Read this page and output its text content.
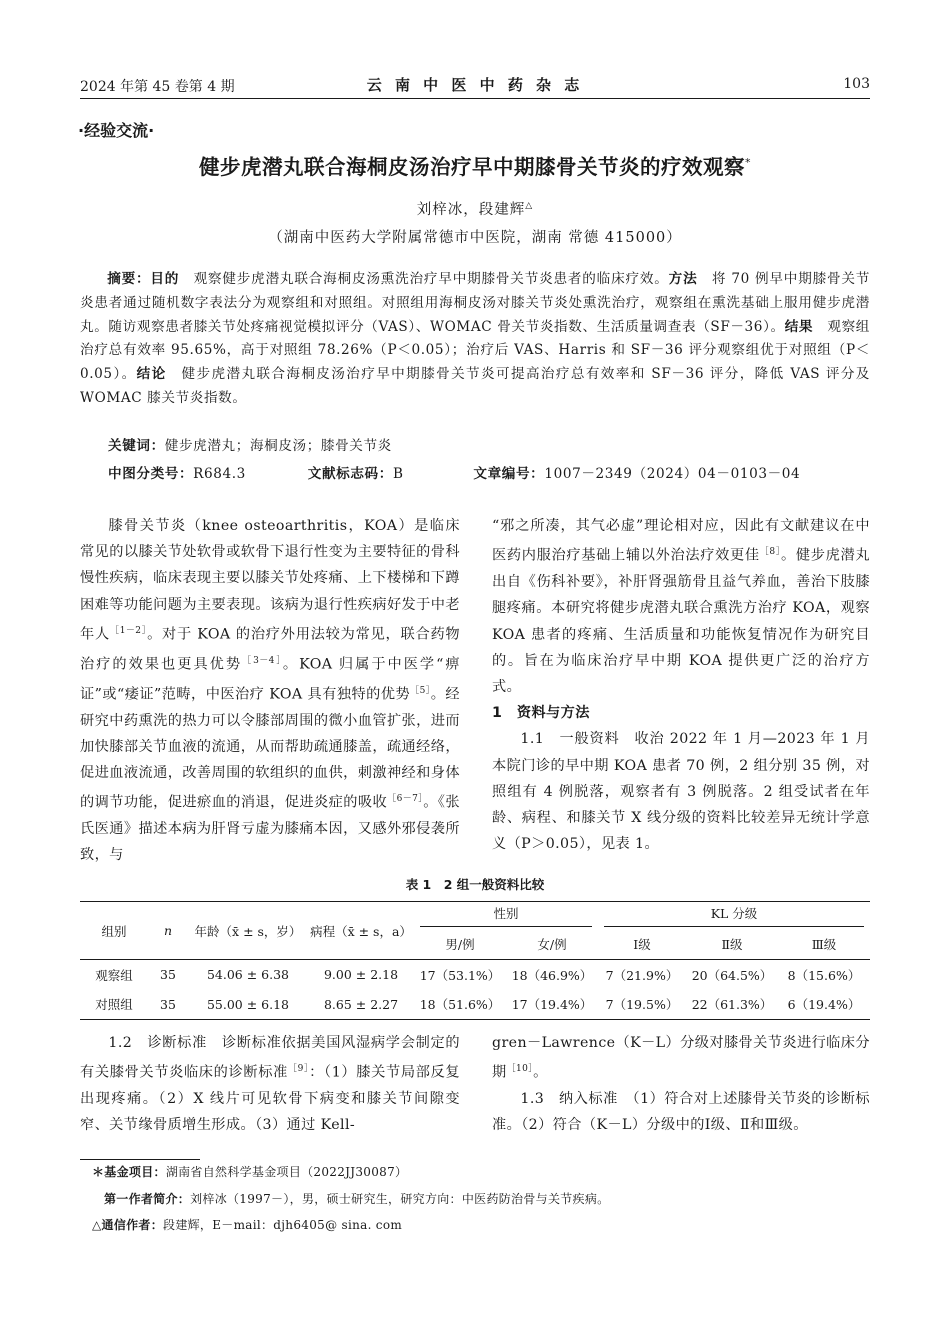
2024 年第 45 卷第 4 期	云 南 中 医 中 药 杂 志	103
·经验交流·
健步虎潜丸联合海桐皮汤治疗早中期膝骨关节炎的疗效观察*
刘梓冰，段建辉△
（湖南中医药大学附属常德市中医院，湖南 常德 415000）

摘要：目的　 观察健步虎潜丸联合海桐皮汤熏洗治疗早中期膝骨关节炎患者的临床疗效。方法　 将 70 例早中期膝骨关节炎患者通过随机数字表法分为观察组和对照组。对照组用海桐皮汤对膝关节炎处熏洗治疗，观察组在熏洗基础上服用健步虎潜丸。随访观察患者膝关节处疼痛视觉模拟评分（VAS）、WOMAC 骨关节炎指数、生活质量调查表（SF－36）。结果　 观察组治疗总有效率 95.65%，高于对照组 78.26%（P＜0.05）；治疗后 VAS、Harris 和 SF－36 评分观察组优于对照组（P＜0.05）。结论　 健步虎潜丸联合海桐皮汤治疗早中期膝骨关节炎可提高治疗总有效率和 SF－36 评分，降低 VAS 评分及 WOMAC 膝关节炎指数。

关键词：健步虎潜丸；海桐皮汤；膝骨关节炎
中图分类号：R684.3	文献标志码：B	文章编号：1007－2349（2024）04－0103－04

膝骨关节炎（knee osteoarthritis，KOA）是临床常见的以膝关节处软骨或软骨下退行性变为主要特征的骨科慢性疾病，临床表现主要以膝关节处疼痛、上下楼梯和下蹲困难等功能问题为主要表现。该病为退行性疾病好发于中老年人$^{[1-2]}$。对于 KOA 的治疗外用法较为常见，联合药物治疗的效果也更具优势$^{[3-4]}$。KOA 归属于中医学“痹证”或“痿证”范畴，中医治疗 KOA 具有独特的优势$^{[5]}$。经研究中药熏洗的热力可以令膝部周围的微小血管扩张，进而加快膝部关节血液的流通，从而帮助疏通膝盖，疏通经络，促进血液流通，改善周围的软组织的血供，刺激神经和身体的调节功能，促进瘀血的消退，促进炎症的吸收$^{[6-7]}$。《张氏医通》描述本病为肝肾亏虚为膝痛本因，又感外邪侵袭所致，与

“邪之所凑，其气必虚”理论相对应，因此有文献建议在中医药内服治疗基础上辅以外治法疗效更佳$^{[8]}$。健步虎潜丸出自《伤科补要》，补肝肾强筋骨且益气养血，善治下肢膝腿疼痛。本研究将健步虎潜丸联合熏洗方治疗 KOA，观察 KOA 患者的疼痛、生活质量和功能恢复情况作为研究目的。旨在为临床治疗早中期 KOA 提供更广泛的治疗方式。

1　资料与方法

1.1　一般资料　 收治 2022 年 1 月—2023 年 1 月本院门诊的早中期 KOA 患者 70 例，2 组分别 35 例，对照组有 4 例脱落，观察者有 3 例脱落。2 组受试者在年龄、病程、和膝关节 X 线分级的资料比较差异无统计学意义（P＞0.05），见表 1。

表 1　2 组一般资料比较
组别	n	年龄（x̄ ± s，岁）	病程（x̄ ± s，a）	性别		KL 分级		

				男/例	女/例	Ⅰ级	Ⅱ级	Ⅲ级
观察组	35	54.06 ± 6.38	9.00 ± 2.18	17（53.1%）	18（46.9%）	7（21.9%）	20（64.5%）	8（15.6%）
对照组	35	55.00 ± 6.18	8.65 ± 2.27	18（51.6%）	17（19.4%）	7（19.5%）	22（61.3%）	6（19.4%）

1.2　诊断标准　 诊断标准依据美国风湿病学会制定的有关膝骨关节炎临床的诊断标准$^{[9]}$：（1）膝关节局部反复出现疼痛。（2）X 线片可见软骨下病变和膝关节间隙变窄、关节缘骨质增生形成。（3）通过 Kell-

gren－Lawrence（K－L）分级对膝骨关节炎进行临床分期$^{[10]}$。

1.3　纳入标准　 （1）符合对上述膝骨关节炎的诊断标准。（2）符合（K－L）分级中的Ⅰ级、Ⅱ和Ⅲ级。

＊基金项目：湖南省自然科学基金项目（2022JJ30087）
第一作者简介：刘梓冰（1997－），男，硕士研究生，研究方向：中医药防治骨与关节疾病。
△通信作者：段建辉，E－mail：djh6405@ sina. com
